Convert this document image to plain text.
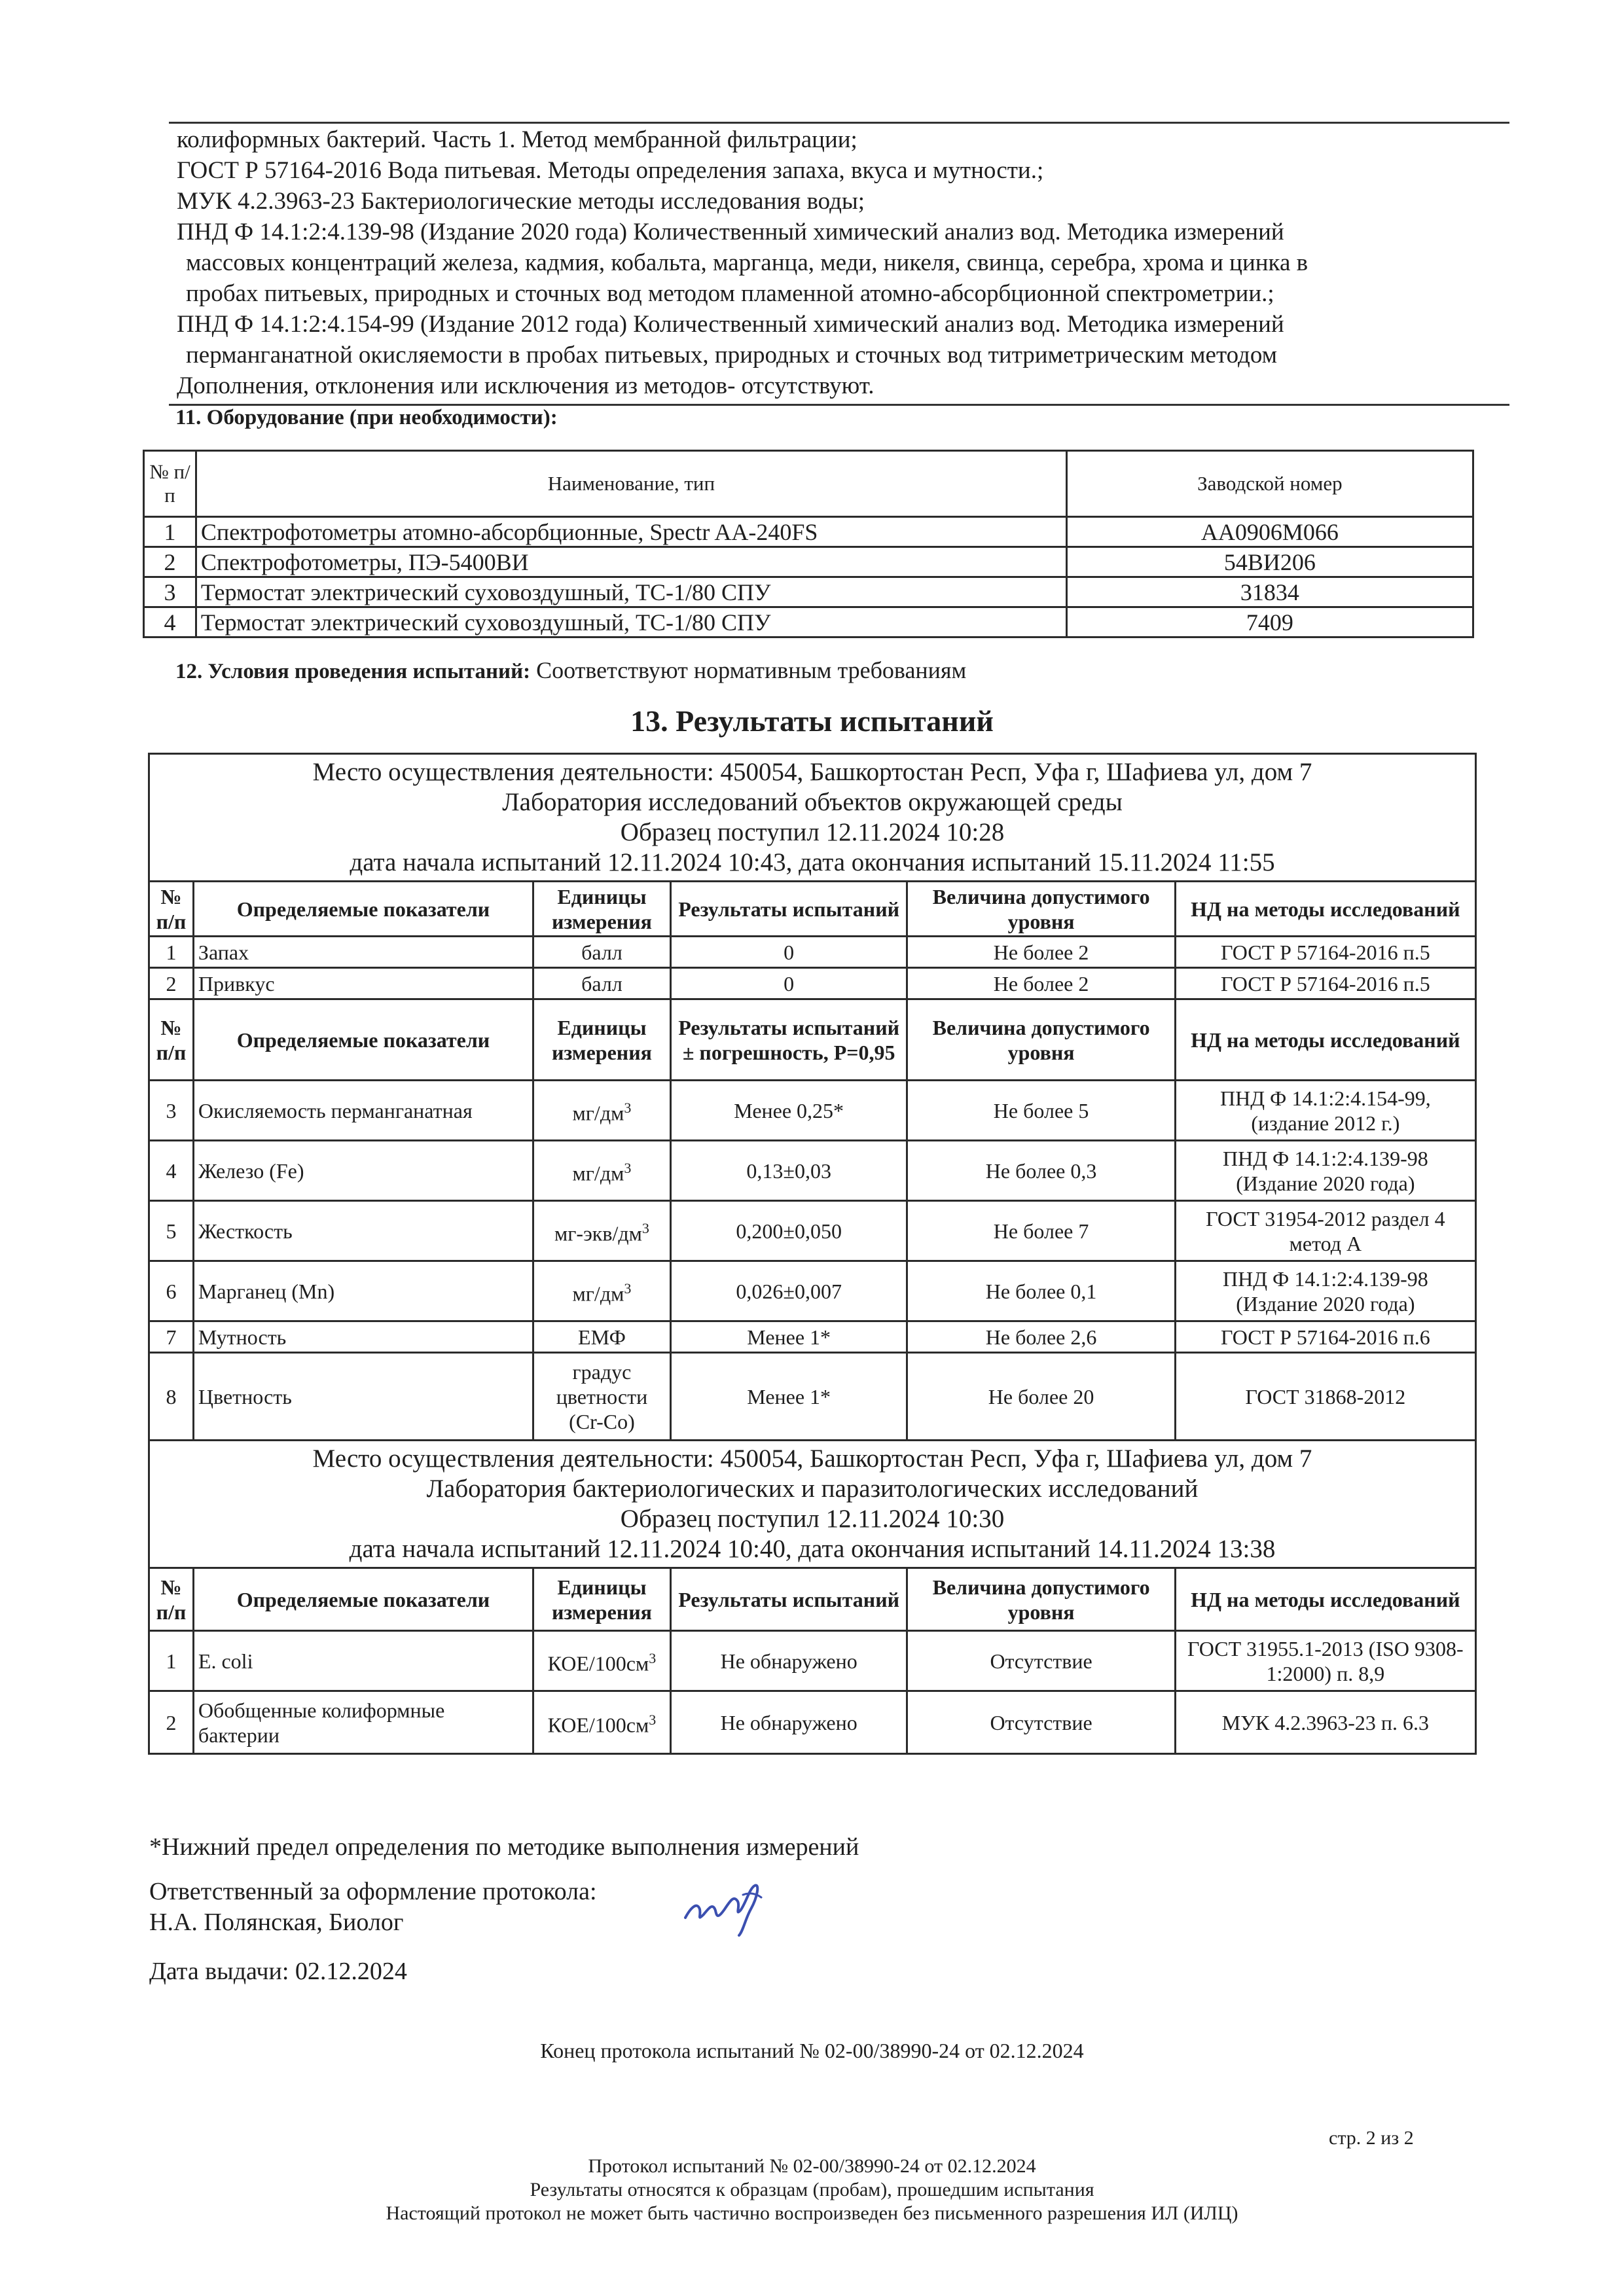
колиформных бактерий. Часть 1. Метод мембранной фильтрации;
ГОСТ Р 57164-2016 Вода питьевая. Методы определения запаха, вкуса и мутности.;
МУК 4.2.3963-23 Бактериологические методы исследования воды;
ПНД Ф 14.1:2:4.139-98 (Издание 2020 года) Количественный химический анализ вод. Методика измерений
массовых концентраций железа, кадмия, кобальта, марганца, меди, никеля, свинца, серебра, хрома и цинка в
пробах питьевых, природных и сточных вод методом пламенной атомно-абсорбционной спектрометрии.;
ПНД Ф 14.1:2:4.154-99 (Издание 2012 года) Количественный химический анализ вод. Методика измерений
перманганатной окисляемости в пробах питьевых, природных и сточных вод титриметрическим методом
Дополнения, отклонения или исключения из методов- отсутствуют.
11. Оборудование (при необходимости):
№ п/п	Наименование, тип	Заводской номер
1	Спектрофотометры атомно-абсорбционные, Spectr AA-240FS	АА0906М066
2	Спектрофотометры, ПЭ-5400ВИ	54ВИ206
3	Термостат электрический суховоздушный, ТС-1/80 СПУ	31834
4	Термостат электрический суховоздушный, ТС-1/80 СПУ	7409
12. Условия проведения испытаний: Соответствуют нормативным требованиям
13. Результаты испытаний
Место осуществления деятельности: 450054, Башкортостан Респ, Уфа г, Шафиева ул, дом 7
Лаборатория исследований объектов окружающей среды
Образец поступил 12.11.2024 10:28
дата начала испытаний 12.11.2024 10:43, дата окончания испытаний 15.11.2024 11:55					

№ п/п	Определяемые показатели	Единицы измерения	Результаты испытаний	Величина допустимого уровня	НД на методы исследований
1	Запах	балл	0	Не более 2	ГОСТ Р 57164-2016 п.5
2	Привкус	балл	0	Не более 2	ГОСТ Р 57164-2016 п.5
№ п/п	Определяемые показатели	Единицы измерения	Результаты испытаний ± погрешность, Р=0,95	Величина допустимого уровня	НД на методы исследований
3	Окисляемость перманганатная	$мг/дм^3$	Менее 0,25*	Не более 5	ПНД Ф 14.1:2:4.154-99, (издание 2012 г.)
4	Железо (Fe)	$мг/дм^3$	0,13±0,03	Не более 0,3	ПНД Ф 14.1:2:4.139-98 (Издание 2020 года)
5	Жесткость	$мг-экв/дм^3$	0,200±0,050	Не более 7	ГОСТ 31954-2012 раздел 4 метод А
6	Марганец (Mn)	$мг/дм^3$	0,026±0,007	Не более 0,1	ПНД Ф 14.1:2:4.139-98 (Издание 2020 года)
7	Мутность	ЕМФ	Менее 1*	Не более 2,6	ГОСТ Р 57164-2016 п.6
8	Цветность	градус цветности (Cr-Co)	Менее 1*	Не более 20	ГОСТ 31868-2012

Место осуществления деятельности: 450054, Башкортостан Респ, Уфа г, Шафиева ул, дом 7
Лаборатория бактериологических и паразитологических исследований
Образец поступил 12.11.2024 10:30
дата начала испытаний 12.11.2024 10:40, дата окончания испытаний 14.11.2024 13:38					

№ п/п	Определяемые показатели	Единицы измерения	Результаты испытаний	Величина допустимого уровня	НД на методы исследований
1	E. coli	КОЕ/$100см^3$	Не обнаружено	Отсутствие	ГОСТ 31955.1-2013 (ISO 9308-1:2000) п. 8,9
2	Обобщенные колиформные бактерии	КОЕ/$100см^3$	Не обнаружено	Отсутствие	МУК 4.2.3963-23 п. 6.3
*Нижний предел определения по методике выполнения измерений
Ответственный за оформление протокола:
Н.А. Полянская, Биолог
Дата выдачи: 02.12.2024
Конец протокола испытаний № 02-00/38990-24 от 02.12.2024
стр. 2 из 2
Протокол испытаний № 02-00/38990-24 от 02.12.2024
Результаты относятся к образцам (пробам), прошедшим испытания
Настоящий протокол не может быть частично воспроизведен без письменного разрешения ИЛ (ИЛЦ)
